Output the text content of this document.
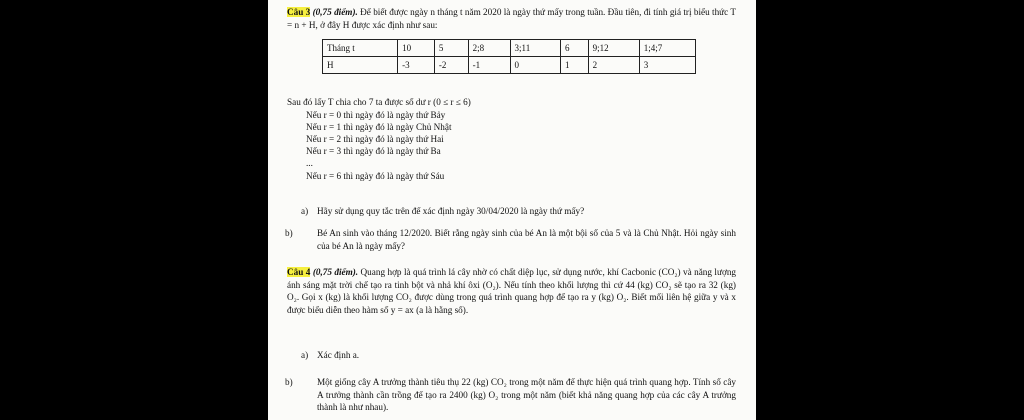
Câu 3 (0,75 điểm). Để biết được ngày n tháng t năm 2020 là ngày thứ mấy trong tuần. Đầu tiên, đi tính giá trị biểu thức T = n + H, ở đây H được xác định như sau:

Tháng t	10	5	2;8	3;11	6	9;12	1;4;7
H	-3	-2	-1	0	1	2	3
Sau đó lấy T chia cho 7 ta được số dư r (0 ≤ r ≤ 6)
Nếu r = 0 thì ngày đó là ngày thứ Bảy
Nếu r = 1 thì ngày đó là ngày Chủ Nhật
Nếu r = 2 thì ngày đó là ngày thứ Hai
Nếu r = 3 thì ngày đó là ngày thứ Ba
...
Nếu r = 6 thì ngày đó là ngày thứ Sáu
a) Hãy sử dụng quy tắc trên để xác định ngày 30/04/2020 là ngày thứ mấy?

b)	Bé An sinh vào tháng 12/2020. Biết rằng ngày sinh của bé An là một bội số của 5 và là Chủ Nhật. Hỏi ngày sinh của bé An là ngày mấy?

Câu 4 (0,75 điểm). Quang hợp là quá trình lá cây nhờ có chất diệp lục, sử dụng nước, khí Cacbonic (CO₂) và năng lượng ánh sáng mặt trời chế tạo ra tinh bột và nhả khí ôxi (O₂). Nếu tính theo khối lượng thì cứ 44 (kg) CO₂ sẽ tạo ra 32 (kg) O₂. Gọi x (kg) là khối lượng CO₂ được dùng trong quá trình quang hợp để tạo ra y (kg) O₂. Biết mối liên hệ giữa y và x được biểu diễn theo hàm số y = ax (a là hằng số).

a) Xác định a.

b)	Một giống cây A trưởng thành tiêu thụ 22 (kg) CO₂ trong một năm để thực hiện quá trình quang hợp. Tính số cây A trưởng thành cần trồng để tạo ra 2400 (kg) O₂ trong một năm (biết khả năng quang hợp của các cây A trưởng thành là như nhau).
